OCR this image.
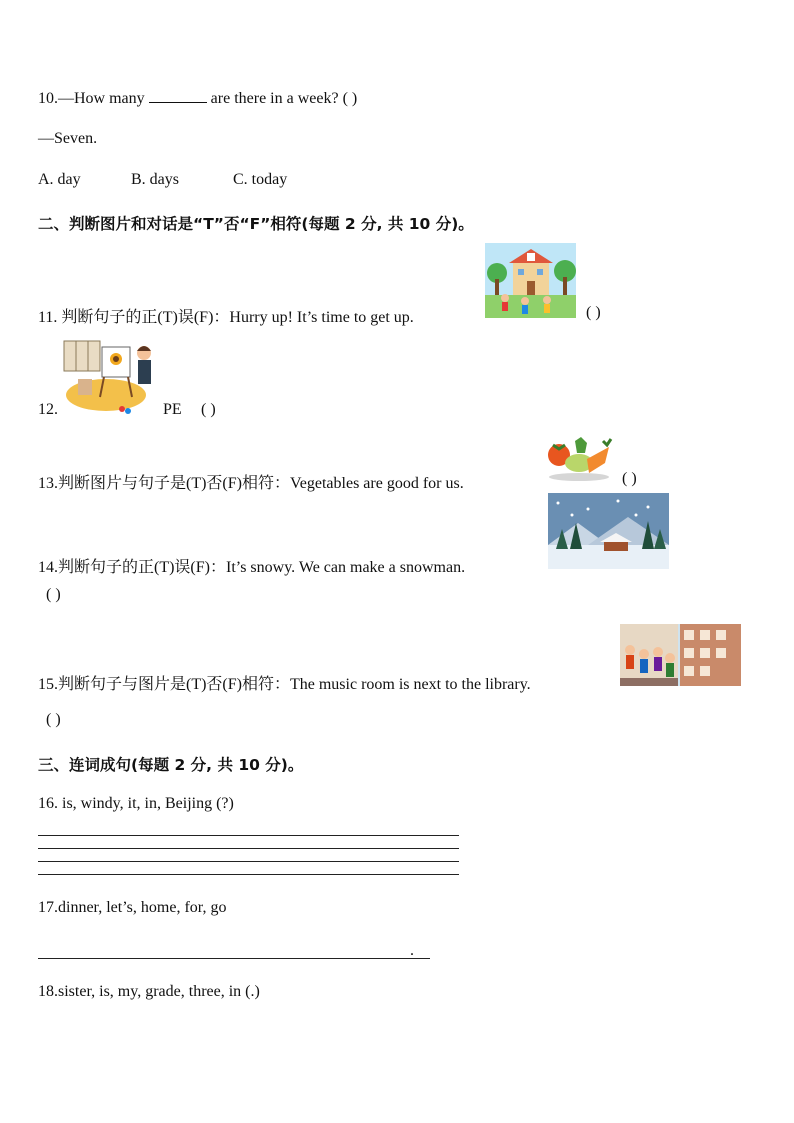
10.—How many	are there in a week? ( )
—Seven.
A. day	B. days	C. today
二、判断图片和对话是“T”否“F”相符(每题 2 分, 共 10 分)。
11. 判断句子的正(T)误(F)：Hurry up! It’s time to get up.	( )
12.	PE ( )
13.判断图片与句子是(T)否(F)相符：Vegetables are good for us.	( )
14.判断句子的正(T)误(F)：It’s snowy. We can make a snowman.
( )
15.判断句子与图片是(T)否(F)相符：The music room is next to the library.
( )
三、连词成句(每题 2 分, 共 10 分)。
16. is, windy, it, in, Beijing (?)
17.dinner, let’s, home, for, go
.
18.sister, is, my, grade, three, in (.)
